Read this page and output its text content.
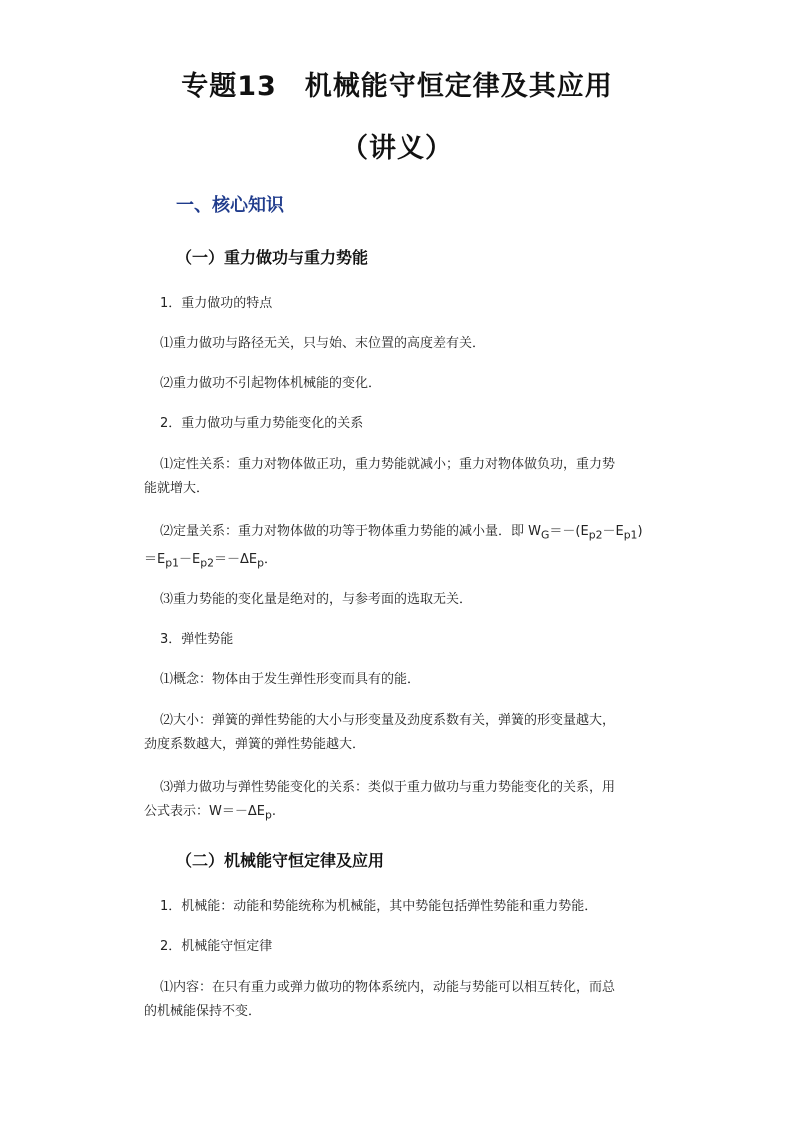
专题13　机械能守恒定律及其应用
（讲义）
一、核心知识
（一）重力做功与重力势能
1．重力做功的特点
⑴重力做功与路径无关，只与始、末位置的高度差有关．
⑵重力做功不引起物体机械能的变化．
2．重力做功与重力势能变化的关系
⑴定性关系：重力对物体做正功，重力势能就减小；重力对物体做负功，重力势
能就增大．
⑵定量关系：重力对物体做的功等于物体重力势能的减小量．即 $W_G=-(E_{p2}-E_{p1})$
$=E_{p1}-E_{p2}=-\Delta E_p$．
⑶重力势能的变化量是绝对的，与参考面的选取无关．
3．弹性势能
⑴概念：物体由于发生弹性形变而具有的能．
⑵大小：弹簧的弹性势能的大小与形变量及劲度系数有关，弹簧的形变量越大，
劲度系数越大，弹簧的弹性势能越大．
⑶弹力做功与弹性势能变化的关系：类似于重力做功与重力势能变化的关系，用
公式表示：$W=-\Delta E_p$.
（二）机械能守恒定律及应用
1．机械能：动能和势能统称为机械能，其中势能包括弹性势能和重力势能．
2．机械能守恒定律
⑴内容：在只有重力或弹力做功的物体系统内，动能与势能可以相互转化，而总
的机械能保持不变．
